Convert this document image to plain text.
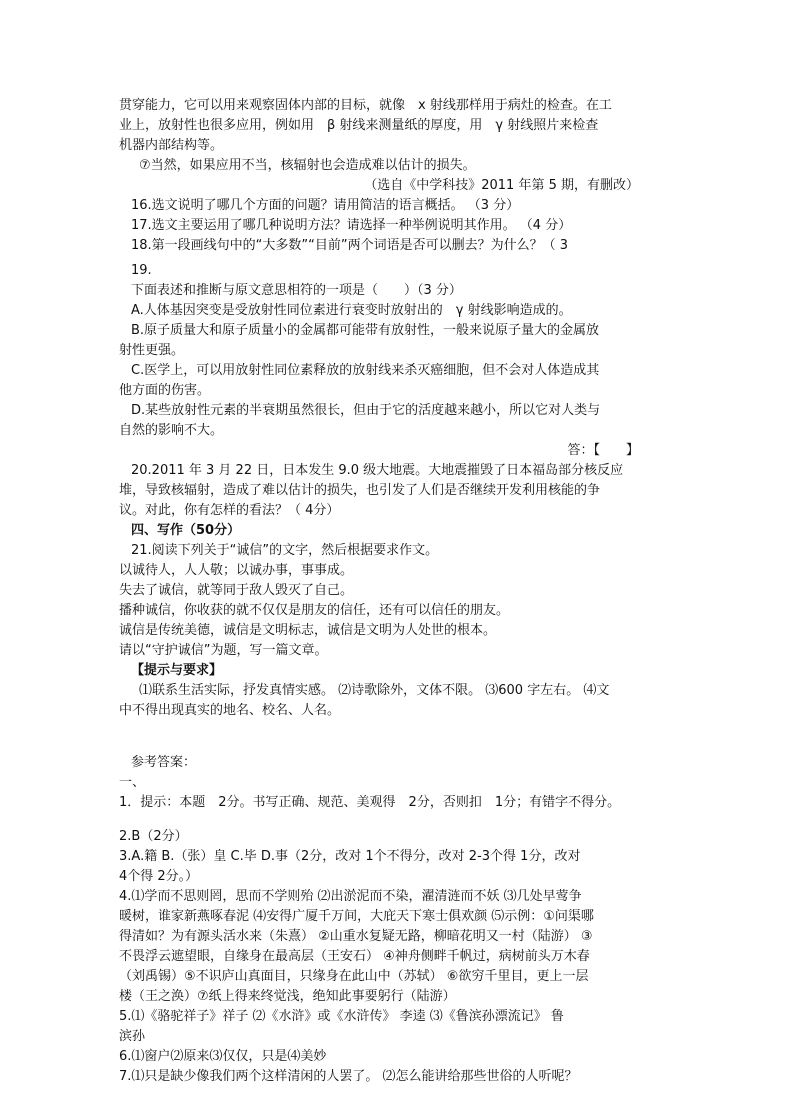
贯穿能力，它可以用来观察固体内部的目标，就像　x 射线那样用于病灶的检查。在工
业上，放射性也很多应用，例如用　β 射线来测量纸的厚度，用　γ 射线照片来检查
机器内部结构等。
⑦当然，如果应用不当，核辐射也会造成难以估计的损失。
（选自《中学科技》2011 年第 5 期，有删改）
16.选文说明了哪几个方面的问题？请用简洁的语言概括。 （3 分）
17.选文主要运用了哪几种说明方法？请选择一种举例说明其作用。 （4 分）
18.第一段画线句中的“大多数”“目前”两个词语是否可以删去？为什么？（ 3
19.
下面表述和推断与原文意思相符的一项是（　　）（3 分）
A.人体基因突变是受放射性同位素进行衰变时放射出的　γ 射线影响造成的。
B.原子质量大和原子质量小的金属都可能带有放射性，一般来说原子量大的金属放
射性更强。
C.医学上，可以用放射性同位素释放的放射线来杀灭癌细胞，但不会对人体造成其
他方面的伤害。
D.某些放射性元素的半衰期虽然很长，但由于它的活度越来越小，所以它对人类与
自然的影响不大。
答：【　　】
20.2011 年 3 月 22 日，日本发生 9.0 级大地震。大地震摧毁了日本福岛部分核反应
堆，导致核辐射，造成了难以估计的损失，也引发了人们是否继续开发利用核能的争
议。对此，你有怎样的看法？（ 4分）
四、写作（50分）
21.阅读下列关于“诚信”的文字，然后根据要求作文。
以诚待人，人人敬；以诚办事，事事成。
失去了诚信，就等同于敌人毁灭了自己。
播种诚信，你收获的就不仅仅是朋友的信任，还有可以信任的朋友。
诚信是传统美德，诚信是文明标志，诚信是文明为人处世的根本。
请以“守护诚信”为题，写一篇文章。
【提示与要求】
⑴联系生活实际，抒发真情实感。 ⑵诗歌除外，文体不限。 ⑶600 字左右。 ⑷文
中不得出现真实的地名、校名、人名。
参考答案：
一、
1．提示：本题　2分。书写正确、规范、美观得　2分，否则扣　1分；有错字不得分。
2.B（2分）
3.A.籍 B.（张）皇 C.毕 D.事（2分，改对 1个不得分，改对 2-3个得 1分，改对
4个得 2分。）
4.⑴学而不思则罔，思而不学则殆 ⑵出淤泥而不染，濯清涟而不妖 ⑶几处早莺争
暖树，谁家新燕啄春泥 ⑷安得广厦千万间，大庇天下寒士俱欢颜 ⑸示例：①问渠哪
得清如？为有源头活水来（朱熹） ②山重水复疑无路，柳暗花明又一村（陆游） ③
不畏浮云遮望眼，自缘身在最高层（王安石） ④神舟侧畔千帆过，病树前头万木春
（刘禹锡）⑤不识庐山真面目，只缘身在此山中（苏轼） ⑥欲穷千里目，更上一层
楼（王之涣）⑦纸上得来终觉浅，绝知此事要躬行（陆游）
5.⑴《骆驼祥子》祥子 ⑵《水浒》或《水浒传》 李逵 ⑶《鲁滨孙漂流记》 鲁
滨孙
6.⑴窗户⑵原来⑶仅仅，只是⑷美妙
7.⑴只是缺少像我们两个这样清闲的人罢了。 ⑵怎么能讲给那些世俗的人听呢？
